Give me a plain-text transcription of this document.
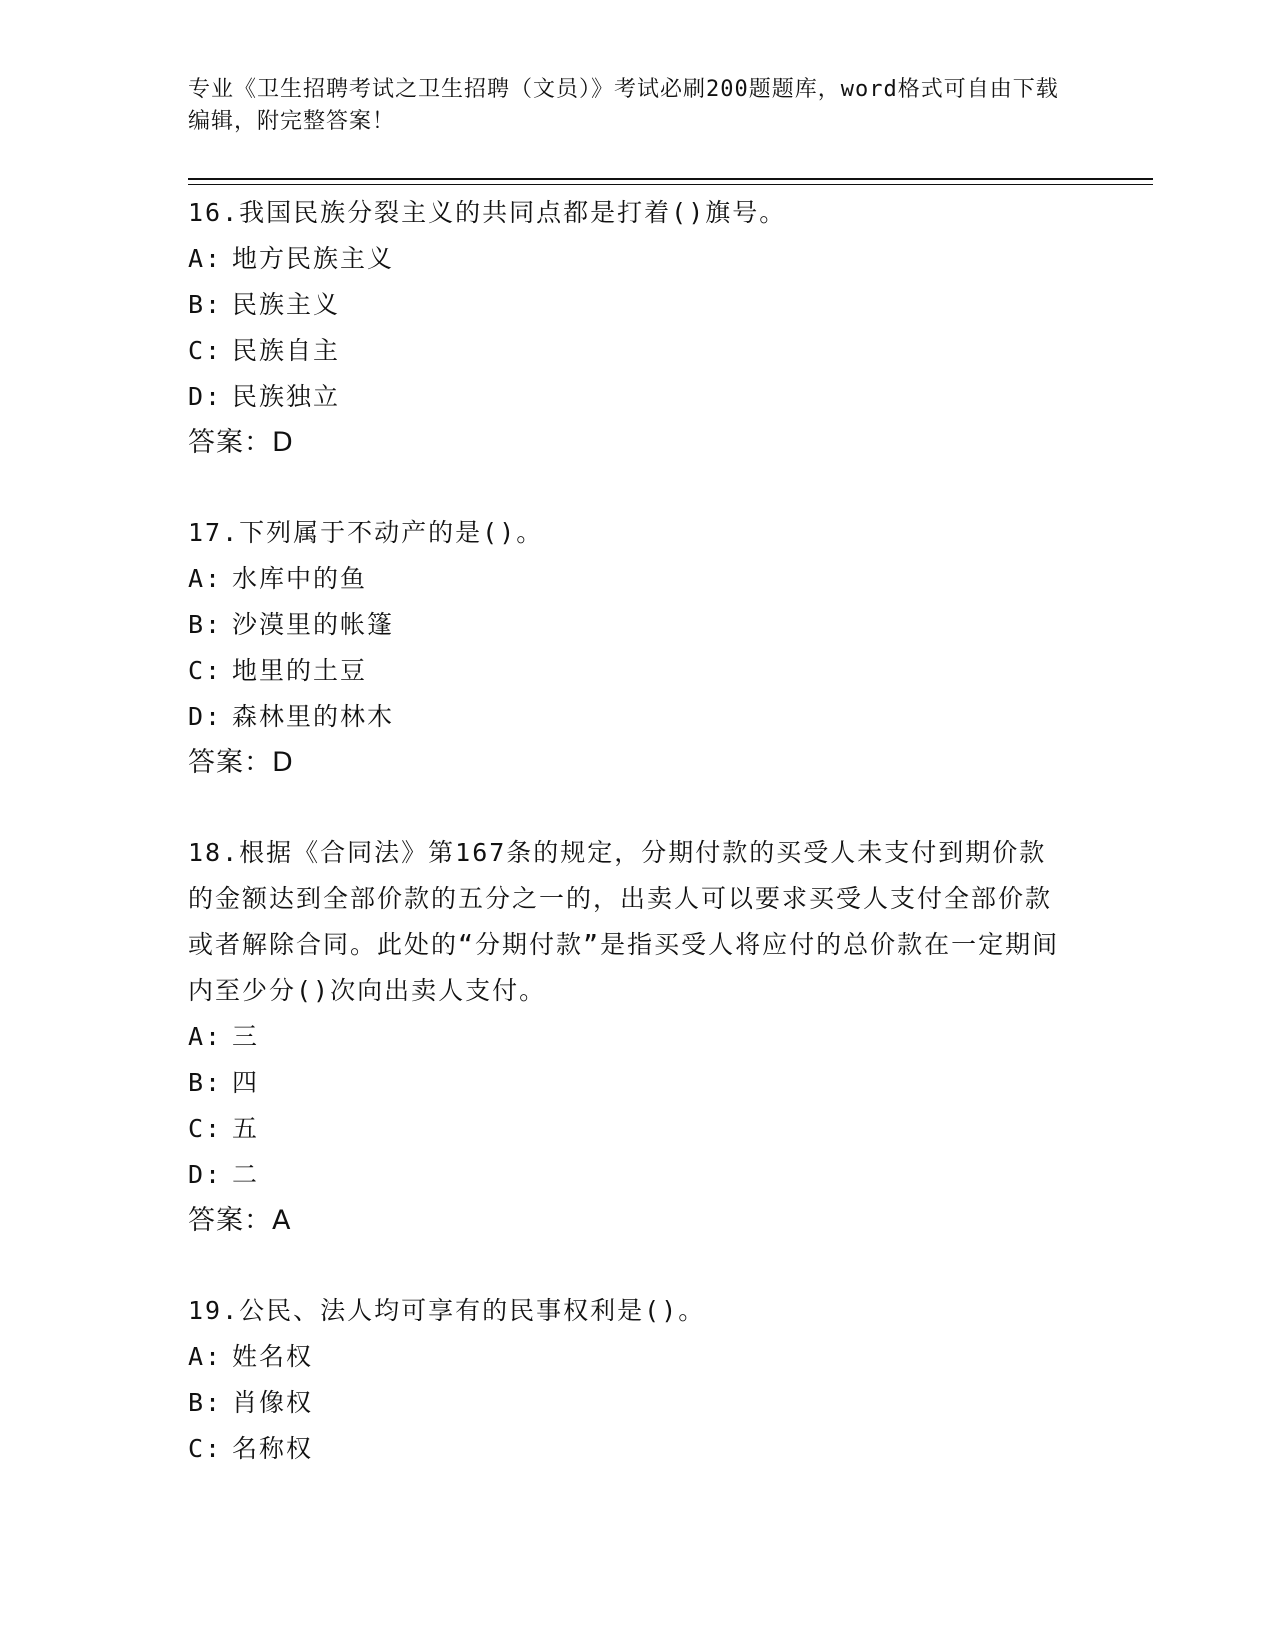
专业《卫生招聘考试之卫生招聘（文员）》考试必刷200题题库，word格式可自由下载编辑，附完整答案！
16.我国民族分裂主义的共同点都是打着()旗号。
A: 地方民族主义
B: 民族主义
C: 民族自主
D: 民族独立
答案：D
17.下列属于不动产的是()。
A: 水库中的鱼
B: 沙漠里的帐篷
C: 地里的土豆
D: 森林里的林木
答案：D
18.根据《合同法》第167条的规定，分期付款的买受人未支付到期价款的金额达到全部价款的五分之一的，出卖人可以要求买受人支付全部价款或者解除合同。此处的“分期付款”是指买受人将应付的总价款在一定期间内至少分()次向出卖人支付。
A: 三
B: 四
C: 五
D: 二
答案：A
19.公民、法人均可享有的民事权利是()。
A: 姓名权
B: 肖像权
C: 名称权
